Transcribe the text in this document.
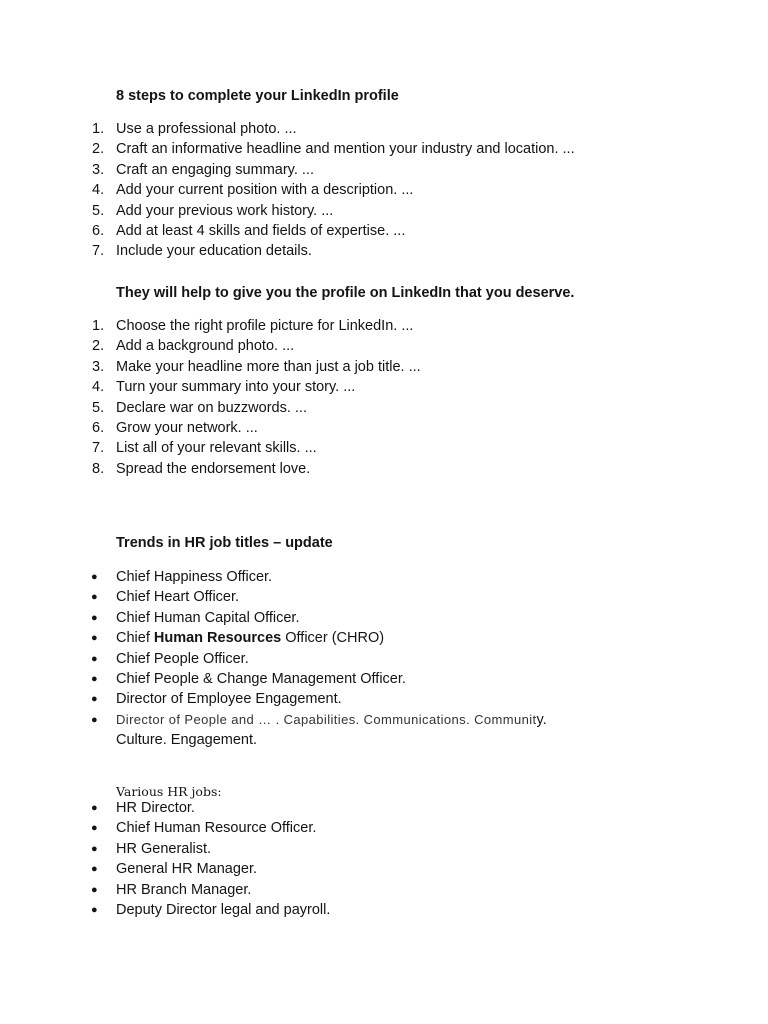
8 steps to complete your LinkedIn profile

1. Use a professional photo. ...
2. Craft an informative headline and mention your industry and location. ...
3. Craft an engaging summary. ...
4. Add your current position with a description. ...
5. Add your previous work history. ...
6. Add at least 4 skills and fields of expertise. ...
7. Include your education details.

They will help to give you the profile on LinkedIn that you deserve.

1. Choose the right profile picture for LinkedIn. ...
2. Add a background photo. ...
3. Make your headline more than just a job title. ...
4. Turn your summary into your story. ...
5. Declare war on buzzwords. ...
6. Grow your network. ...
7. List all of your relevant skills. ...
8. Spread the endorsement love.

Trends in HR job titles – update

● Chief Happiness Officer.
● Chief Heart Officer.
● Chief Human Capital Officer.
● Chief Human Resources Officer (CHRO)
● Chief People Officer.
● Chief People & Change Management Officer.
● Director of Employee Engagement.
● Director of People and … . Capabilities. Communications. Community.
Culture. Engagement.

Various HR jobs:

● HR Director.
● Chief Human Resource Officer.
● HR Generalist.
● General HR Manager.
● HR Branch Manager.
● Deputy Director legal and payroll.
